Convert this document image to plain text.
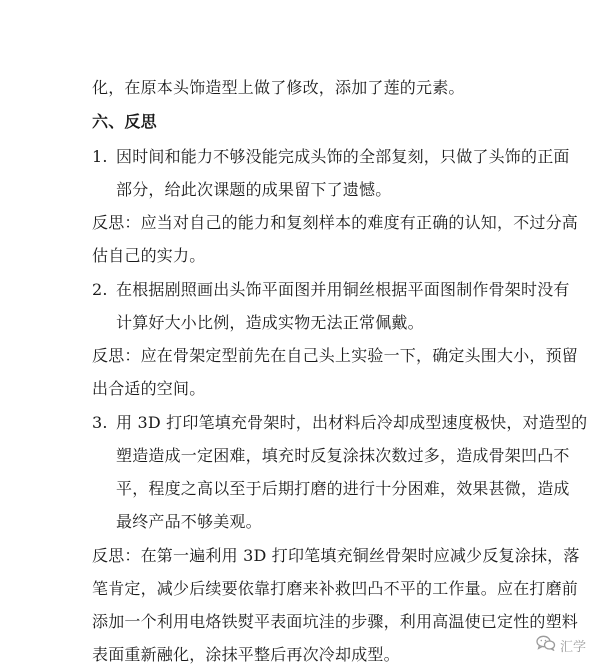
化，在原本头饰造型上做了修改，添加了莲的元素。
六、反思
1. 因时间和能力不够没能完成头饰的全部复刻，只做了头饰的正面
部分，给此次课题的成果留下了遗憾。
反思：应当对自己的能力和复刻样本的难度有正确的认知，不过分高
估自己的实力。
2. 在根据剧照画出头饰平面图并用铜丝根据平面图制作骨架时没有
计算好大小比例，造成实物无法正常佩戴。
反思：应在骨架定型前先在自己头上实验一下，确定头围大小，预留
出合适的空间。
3. 用 3D 打印笔填充骨架时，出材料后冷却成型速度极快，对造型的
塑造造成一定困难，填充时反复涂抹次数过多，造成骨架凹凸不
平，程度之高以至于后期打磨的进行十分困难，效果甚微，造成
最终产品不够美观。
反思：在第一遍利用 3D 打印笔填充铜丝骨架时应减少反复涂抹，落
笔肯定，减少后续要依靠打磨来补救凹凸不平的工作量。应在打磨前
添加一个利用电烙铁熨平表面坑洼的步骤，利用高温使已定性的塑料
表面重新融化，涂抹平整后再次冷却成型。	汇学
